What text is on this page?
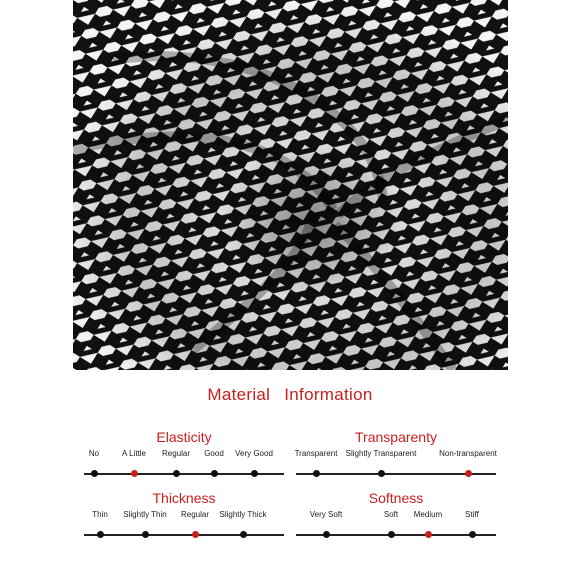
Material Information
Elasticity
No	A Little	Regular	Good	Very Good
Transparenty
Transparent	Slightly Transparent	Non-transparent
Thickness
Thin	Slightly Thin	Regular	Slightly Thick
Softness
Very Soft	Soft	Medium	Stiff
